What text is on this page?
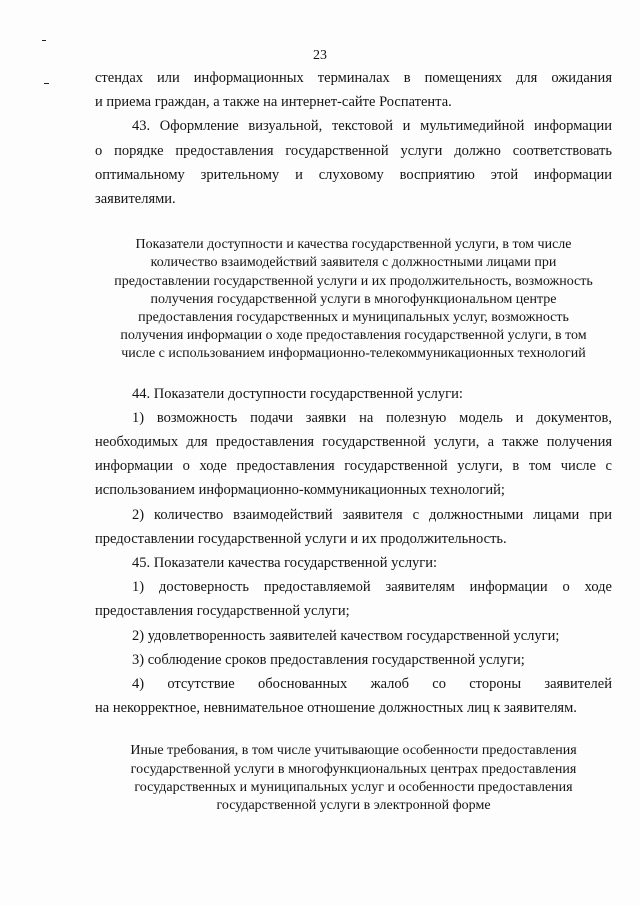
23
стендах или информационных терминалах в помещениях для ожидания
и приема граждан, а также на интернет-сайте Роспатента.
43. Оформление визуальной, текстовой и мультимедийной информации
о порядке предоставления государственной услуги должно соответствовать
оптимальному зрительному и слуховому восприятию этой информации
заявителями.
Показатели доступности и качества государственной услуги, в том числе
количество взаимодействий заявителя с должностными лицами при
предоставлении государственной услуги и их продолжительность, возможность
получения государственной услуги в многофункциональном центре
предоставления государственных и муниципальных услуг, возможность
получения информации о ходе предоставления государственной услуги, в том
числе с использованием информационно-телекоммуникационных технологий
44. Показатели доступности государственной услуги:
1) возможность подачи заявки на полезную модель и документов,
необходимых для предоставления государственной услуги, а также получения
информации о ходе предоставления государственной услуги, в том числе с
использованием информационно-коммуникационных технологий;
2) количество взаимодействий заявителя с должностными лицами при
предоставлении государственной услуги и их продолжительность.
45. Показатели качества государственной услуги:
1) достоверность предоставляемой заявителям информации о ходе
предоставления государственной услуги;
2) удовлетворенность заявителей качеством государственной услуги;
3) соблюдение сроков предоставления государственной услуги;
4) отсутствие обоснованных жалоб со стороны заявителей
на некорректное, невнимательное отношение должностных лиц к заявителям.
Иные требования, в том числе учитывающие особенности предоставления
государственной услуги в многофункциональных центрах предоставления
государственных и муниципальных услуг и особенности предоставления
государственной услуги в электронной форме
